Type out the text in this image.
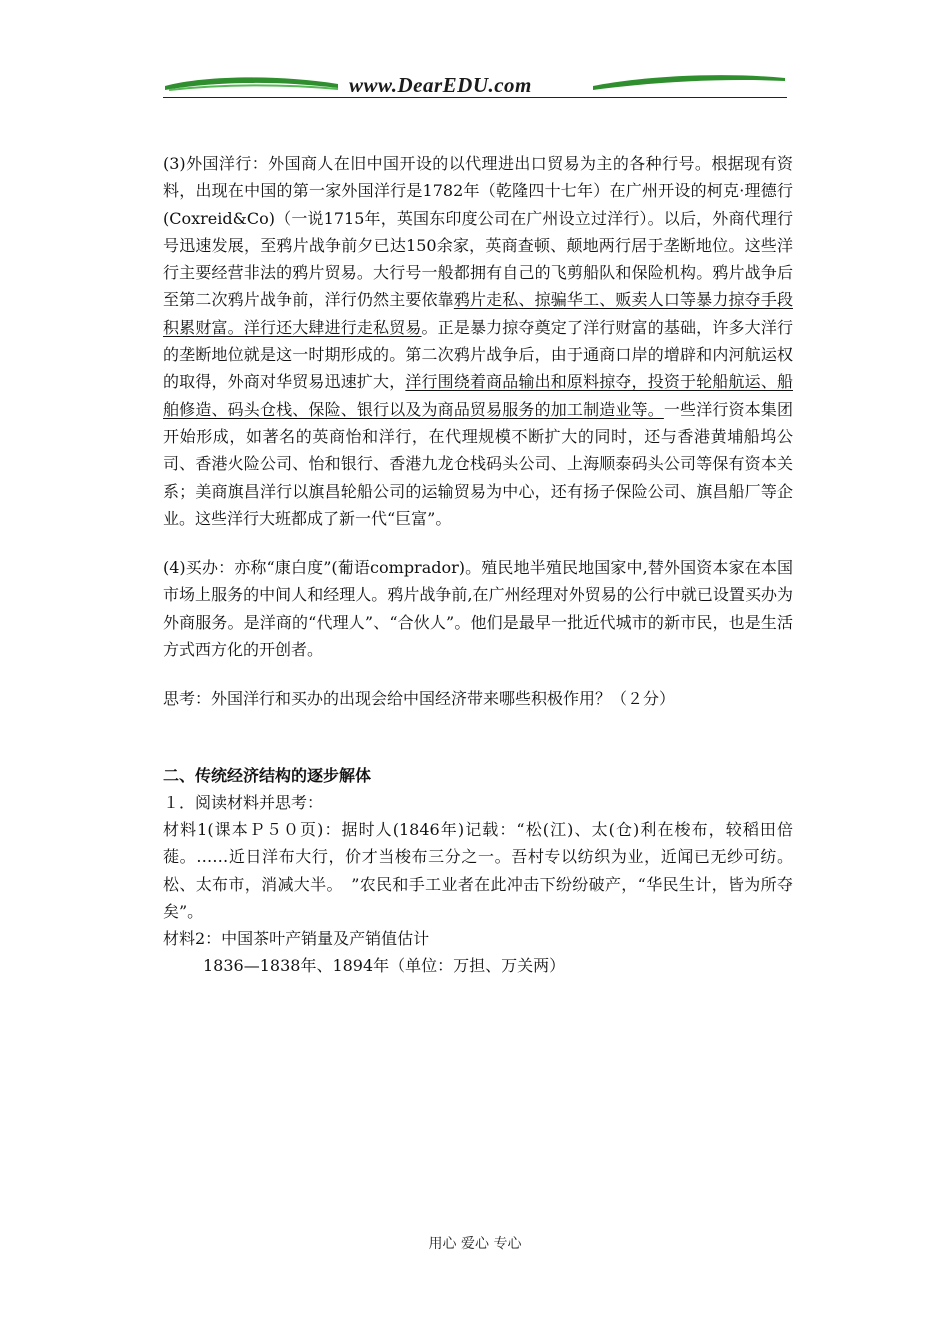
www.DearEDU.com

(3)外国洋行：外国商人在旧中国开设的以代理进出口贸易为主的各种行号。根据现有资料，出现在中国的第一家外国洋行是1782年（乾隆四十七年）在广州开设的柯克·理德行(Coxreid&Co)（一说1715年，英国东印度公司在广州设立过洋行）。以后，外商代理行号迅速发展，至鸦片战争前夕已达150余家，英商查顿、颠地两行居于垄断地位。这些洋行主要经营非法的鸦片贸易。大行号一般都拥有自己的飞剪船队和保险机构。鸦片战争后至第二次鸦片战争前，洋行仍然主要依靠鸦片走私、掠骗华工、贩卖人口等暴力掠夺手段积累财富。洋行还大肆进行走私贸易。正是暴力掠夺奠定了洋行财富的基础，许多大洋行的垄断地位就是这一时期形成的。第二次鸦片战争后，由于通商口岸的增辟和内河航运权的取得，外商对华贸易迅速扩大，洋行围绕着商品输出和原料掠夺，投资于轮船航运、船舶修造、码头仓栈、保险、银行以及为商品贸易服务的加工制造业等。一些洋行资本集团开始形成，如著名的英商怡和洋行，在代理规模不断扩大的同时，还与香港黄埔船坞公司、香港火险公司、怡和银行、香港九龙仓栈码头公司、上海顺泰码头公司等保有资本关系；美商旗昌洋行以旗昌轮船公司的运输贸易为中心，还有扬子保险公司、旗昌船厂等企业。这些洋行大班都成了新一代“巨富”。

(4)买办：亦称“康白度”(葡语comprador)。殖民地半殖民地国家中,替外国资本家在本国市场上服务的中间人和经理人。鸦片战争前,在广州经理对外贸易的公行中就已设置买办为外商服务。是洋商的“代理人”、“合伙人”。他们是最早一批近代城市的新市民，也是生活方式西方化的开创者。

思考：外国洋行和买办的出现会给中国经济带来哪些积极作用？（２分）

二、传统经济结构的逐步解体

１．阅读材料并思考：

材料1(课本Ｐ５０页)：据时人(1846年)记载：“松(江)、太(仓)利在梭布，较稻田倍蓰。……近日洋布大行，价才当梭布三分之一。吾村专以纺织为业，近闻已无纱可纺。松、太布市，消减大半。　”农民和手工业者在此冲击下纷纷破产，“华民生计，皆为所夺矣”。

材料2：中国茶叶产销量及产销值估计

1836—1838年、1894年（单位：万担、万关两）

用心 爱心 专心
